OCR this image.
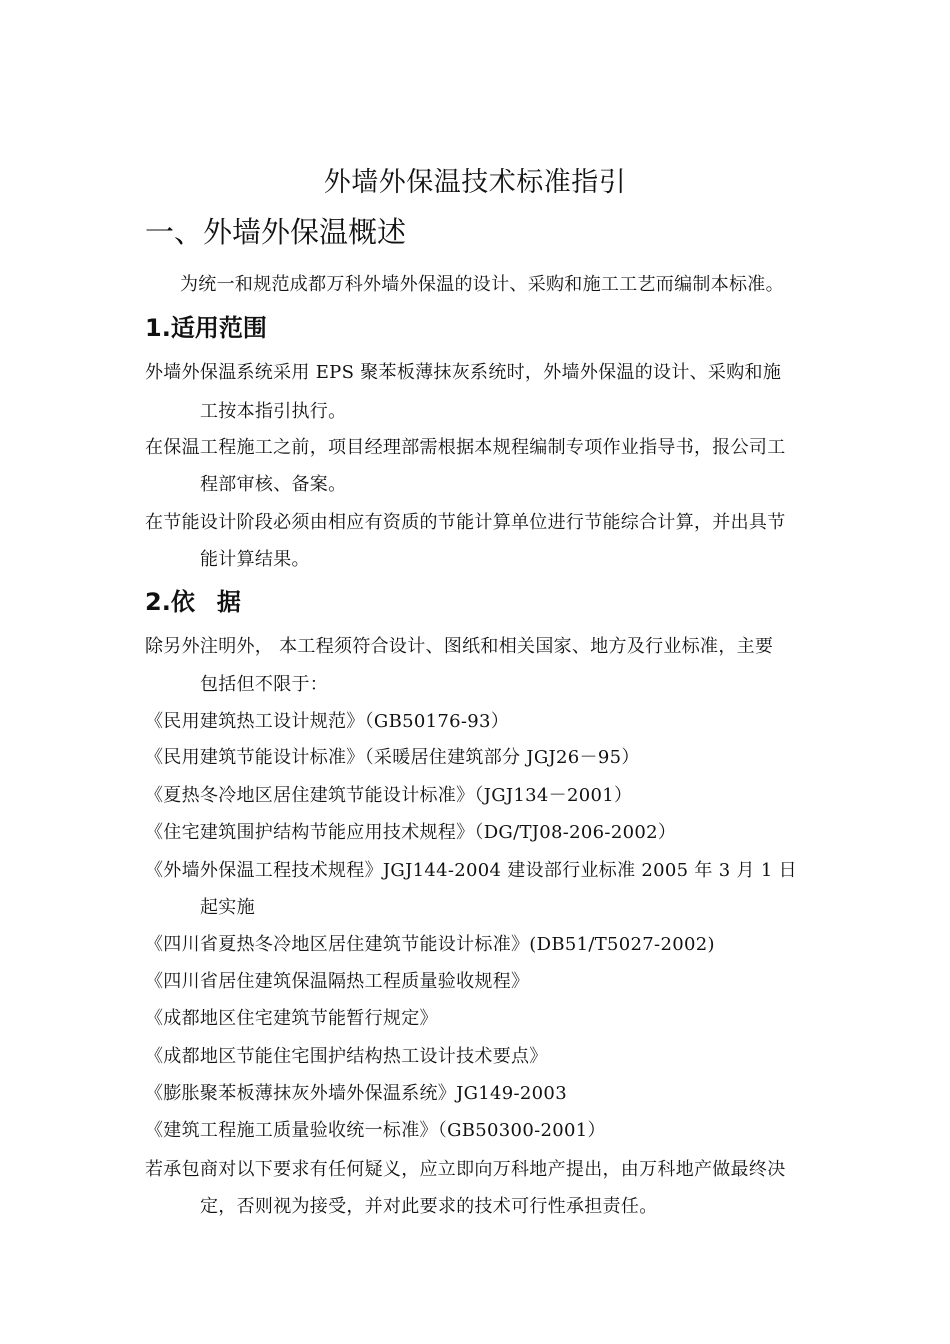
外墙外保温技术标准指引
一、外墙外保温概述
为统一和规范成都万科外墙外保温的设计、采购和施工工艺而编制本标准。
1.适用范围
外墙外保温系统采用 EPS 聚苯板薄抹灰系统时，外墙外保温的设计、采购和施
工按本指引执行。
在保温工程施工之前，项目经理部需根据本规程编制专项作业指导书，报公司工
程部审核、备案。
在节能设计阶段必须由相应有资质的节能计算单位进行节能综合计算，并出具节
能计算结果。
2.依据
除另外注明外， 本工程须符合设计、图纸和相关国家、地方及行业标准，主要
包括但不限于：
《民用建筑热工设计规范》（GB50176-93）
《民用建筑节能设计标准》（采暖居住建筑部分 JGJ26－95）
《夏热冬冷地区居住建筑节能设计标准》（JGJ134－2001）
《住宅建筑围护结构节能应用技术规程》（DG/TJ08-206-2002）
《外墙外保温工程技术规程》JGJ144-2004 建设部行业标准 2005 年 3 月 1 日
起实施
《四川省夏热冬冷地区居住建筑节能设计标准》(DB51/T5027-2002)
《四川省居住建筑保温隔热工程质量验收规程》
《成都地区住宅建筑节能暂行规定》
《成都地区节能住宅围护结构热工设计技术要点》
《膨胀聚苯板薄抹灰外墙外保温系统》JG149-2003
《建筑工程施工质量验收统一标准》（GB50300-2001）
若承包商对以下要求有任何疑义，应立即向万科地产提出，由万科地产做最终决
定，否则视为接受，并对此要求的技术可行性承担责任。
